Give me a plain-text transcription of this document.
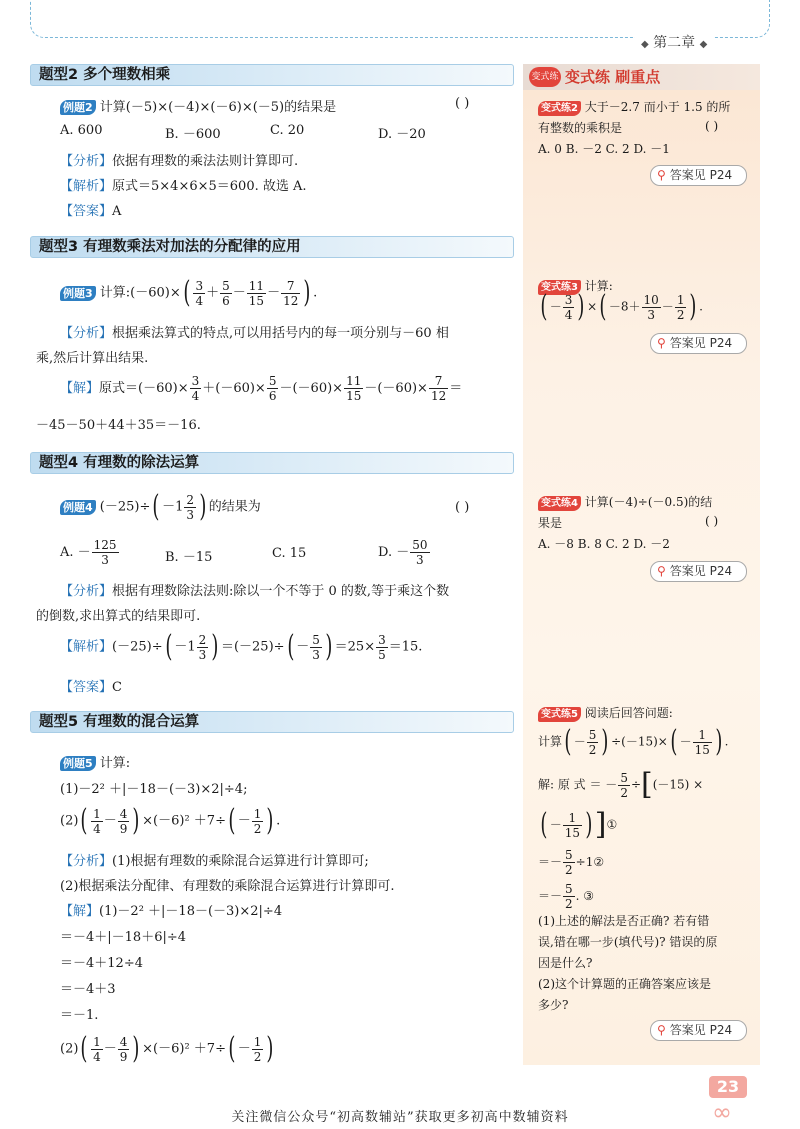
◆ 第二章 ◆
变式练 变式练 刷重点
题型2 多个理数相乘
例题2 计算(－5)×(－4)×(－6)×(－5)的结果是	( )
A. 600	B. －600	C. 20	D. －20
【分析】依据有理数的乘法法则计算即可.
【解析】原式＝5×4×6×5＝600. 故选 A.
【答案】A
题型3 有理数乘法对加法的分配律的应用
例题3 计算:(－60)×( $\frac{3}{4} + \frac{5}{6} - \frac{11}{15} - \frac{7}{12}$ ) .
【分析】根据乘法算式的特点,可以用括号内的每一项分别与－60 相
乘,然后计算出结果.
【解】原式$=(-60)\times \frac{3}{4} +(-60)\times \frac{5}{6} -(-60)\times \frac{11}{15} -(-60)\times \frac{7}{12}$ ＝
－45－50＋44＋35＝－16.
题型4 有理数的除法运算
例题4 $(-25)\div( -1 \frac{2}{3}$ ) 的结果为	( )
A. － $\frac{125}{3}$	B. －15	C. 15	D. － $\frac{50}{3}$
【分析】根据有理数除法法则:除以一个不等于 0 的数,等于乘这个数
的倒数,求出算式的结果即可.
【解析】$(-25)\div( -1 \frac{2}{3}$ ) $=(-25)\div( - \frac{5}{3}$ ) $=25\times \frac{3}{5} =15$.
【答案】C
题型5 有理数的混合运算
例题5 计算:
(1)－2² ＋|－18－(－3)×2|÷4;
$(2)( \frac{1}{4} - \frac{4}{9}$ ) $\times(-6)^2 +7\div( - \frac{1}{2}$ ) .
【分析】(1)根据有理数的乘除混合运算进行计算即可;
(2)根据乘法分配律、有理数的乘除混合运算进行计算即可.
【解】(1)－2² ＋|－18－(－3)×2|÷4
＝－4＋|－18＋6|÷4
＝－4＋12÷4
＝－4＋3
＝－1.
$(2)( \frac{1}{4} - \frac{4}{9}$ ) $\times(-6)^2 +7\div( - \frac{1}{2}$ )
变式练2 大于－2.7 而小于 1.5 的所
有整数的乘积是	( )
A. 0 B. －2 C. 2 D. －1
⚲ 答案见 P24
变式练3 计算:
( － $\frac{3}{4}$ ) ×( $-8+ \frac{10}{3} - \frac{1}{2}$ ) .
⚲ 答案见 P24
变式练4 计算(－4)÷(－0.5)的结
果是	( )
A. －8 B. 8 C. 2 D. －2
⚲ 答案见 P24
变式练5 阅读后回答问题:
计算( － $\frac{5}{2}$ ) $\div(-15)\times( - \frac{1}{15}$ ) .
解: 原 式 ＝ － $\frac{5}{2} \div[(-15)$ ×
( － $\frac{1}{15}$ )]①
＝－ $\frac{5}{2}$ ÷1②
＝－ $\frac{5}{2}$ . ③
(1)上述的解法是否正确? 若有错
误,错在哪一步(填代号)? 错误的原
因是什么?
(2)这个计算题的正确答案应该是
多少?
⚲ 答案见 P24
23
∞
关注微信公众号“初高数辅站”获取更多初高中数辅资料
